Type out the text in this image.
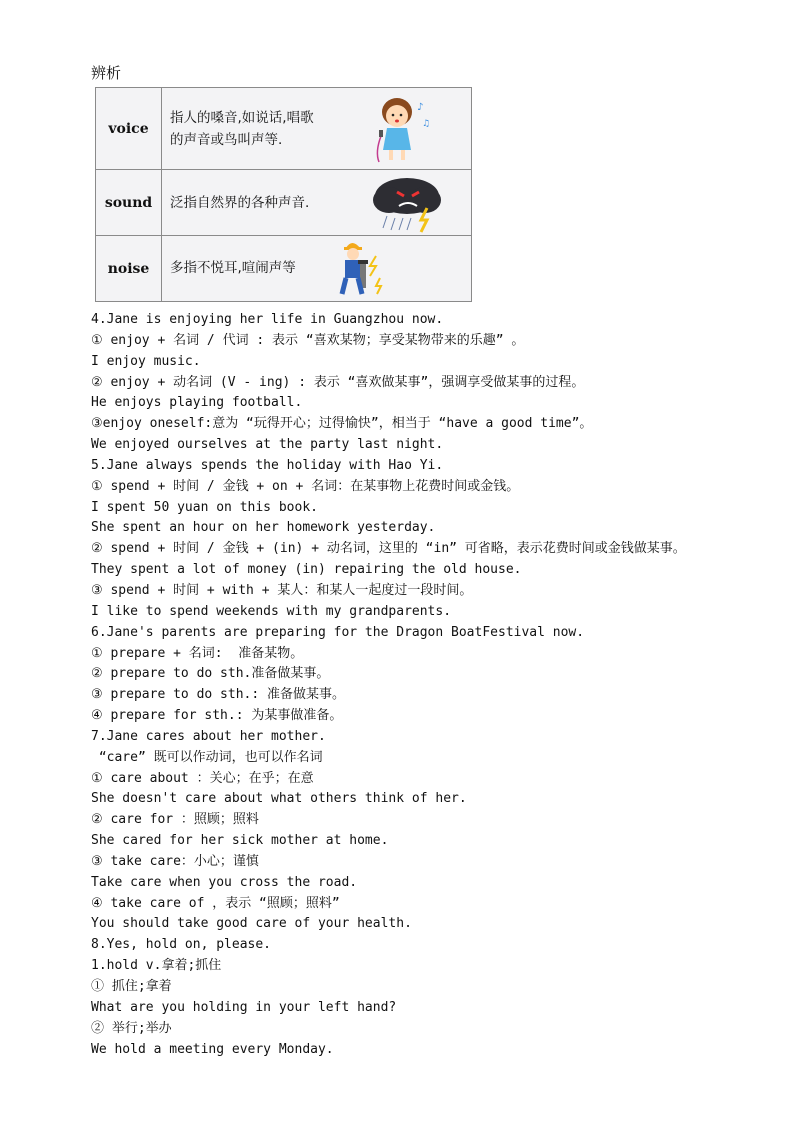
辨析
voice	指人的嗓音,如说话,唱歌
的声音或鸟叫声等.
♪
♫

sound	泛指自然界的各种声音.

noise	多指不悦耳,喧闹声等
4.Jane is enjoying her life in Guangzhou now.
① enjoy + 名词 / 代词 : 表示 “喜欢某物；享受某物带来的乐趣” 。
I enjoy music.
② enjoy + 动名词 (V - ing) : 表示 “喜欢做某事”，强调享受做某事的过程。
He enjoys playing football.
③enjoy oneself:意为 “玩得开心；过得愉快”，相当于 “have a good time”。
We enjoyed ourselves at the party last night.
5.Jane always spends the holiday with Hao Yi.
① spend + 时间 / 金钱 + on + 名词：在某事物上花费时间或金钱。
I spent 50 yuan on this book.
She spent an hour on her homework yesterday.
② spend + 时间 / 金钱 + (in) + 动名词，这里的 “in” 可省略，表示花费时间或金钱做某事。
They spent a lot of money (in) repairing the old house.
③ spend + 时间 + with + 某人：和某人一起度过一段时间。
I like to spend weekends with my grandparents.
6.Jane's parents are preparing for the Dragon BoatFestival now.
① prepare + 名词:  准备某物。
② prepare to do sth.准备做某事。
③ prepare to do sth.: 准备做某事。
④ prepare for sth.: 为某事做准备。
7.Jane cares about her mother.
“care” 既可以作动词，也可以作名词
① care about ：关心；在乎；在意
She doesn't care about what others think of her.
② care for ：照顾；照料
She cared for her sick mother at home.
③ take care：小心；谨慎
Take care when you cross the road.
④ take care of ，表示 “照顾；照料”
You should take good care of your health.
8.Yes, hold on, please.
1.hold v.拿着;抓住
① 抓住;拿着
What are you holding in your left hand?
② 举行;举办
We hold a meeting every Monday.
